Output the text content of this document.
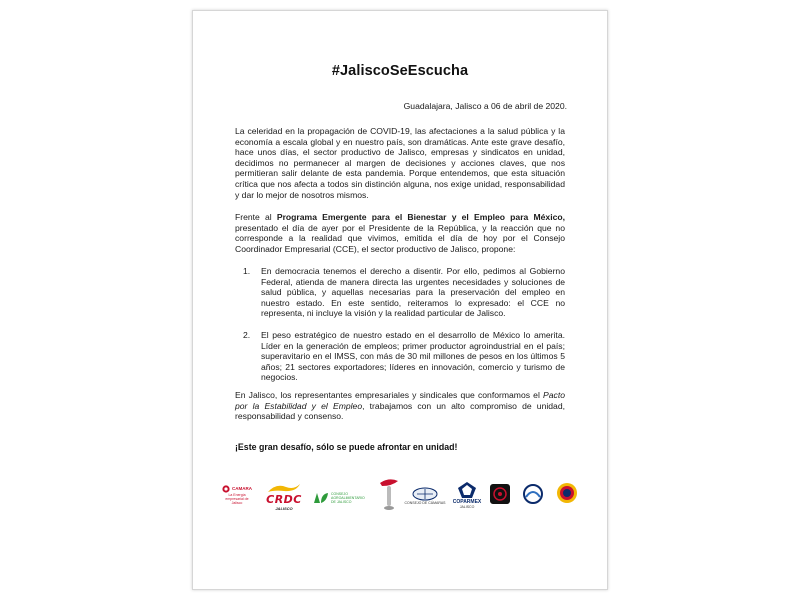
#JaliscoSeEscucha
Guadalajara, Jalisco a 06 de abril de 2020.

La celeridad en la propagación de COVID-19, las afectaciones a la salud pública y la economía a escala global y en nuestro país, son dramáticas. Ante este grave desafío, hace unos días, el sector productivo de Jalisco, empresas y sindicatos en unidad, decidimos no permanecer al margen de decisiones y acciones claves, que nos permitieran salir delante de esta pandemia. Porque entendemos, que esta situación crítica que nos afecta a todos sin distinción alguna, nos exige unidad, responsabilidad y dar lo mejor de nosotros mismos.

Frente al Programa Emergente para el Bienestar y el Empleo para México, presentado el día de ayer por el Presidente de la República, y la reacción que no corresponde a la realidad que vivimos, emitida el día de hoy por el Consejo Coordinador Empresarial (CCE), el sector productivo de Jalisco, propone:

1. En democracia tenemos el derecho a disentir. Por ello, pedimos al Gobierno Federal, atienda de manera directa las urgentes necesidades y soluciones de salud pública, y aquellas necesarias para la preservación del empleo en nuestro estado. En este sentido, reiteramos lo expresado: el CCE no representa, ni incluye la visión y la realidad particular de Jalisco.
2. El peso estratégico de nuestro estado en el desarrollo de México lo amerita. Líder en la generación de empleos; primer productor agroindustrial en el país; superavitario en el IMSS, con más de 30 mil millones de pesos en los últimos 5 años; 21 sectores exportadores; líderes en innovación, comercio y turismo de negocios.

En Jalisco, los representantes empresariales y sindicales que conformamos el Pacto por la Estabilidad y el Empleo, trabajamos con un alto compromiso de unidad, responsabilidad y consenso.

¡Este gran desafío, sólo se puede afrontar en unidad!
CAMARA
La Energía empresarial de Jalisco	CRDC
JALISCO
CONSEJO AGROALIMENTARIO DE JALISCO	CONSEJO DE CÁMARAS COPARMEX
JALISCO
